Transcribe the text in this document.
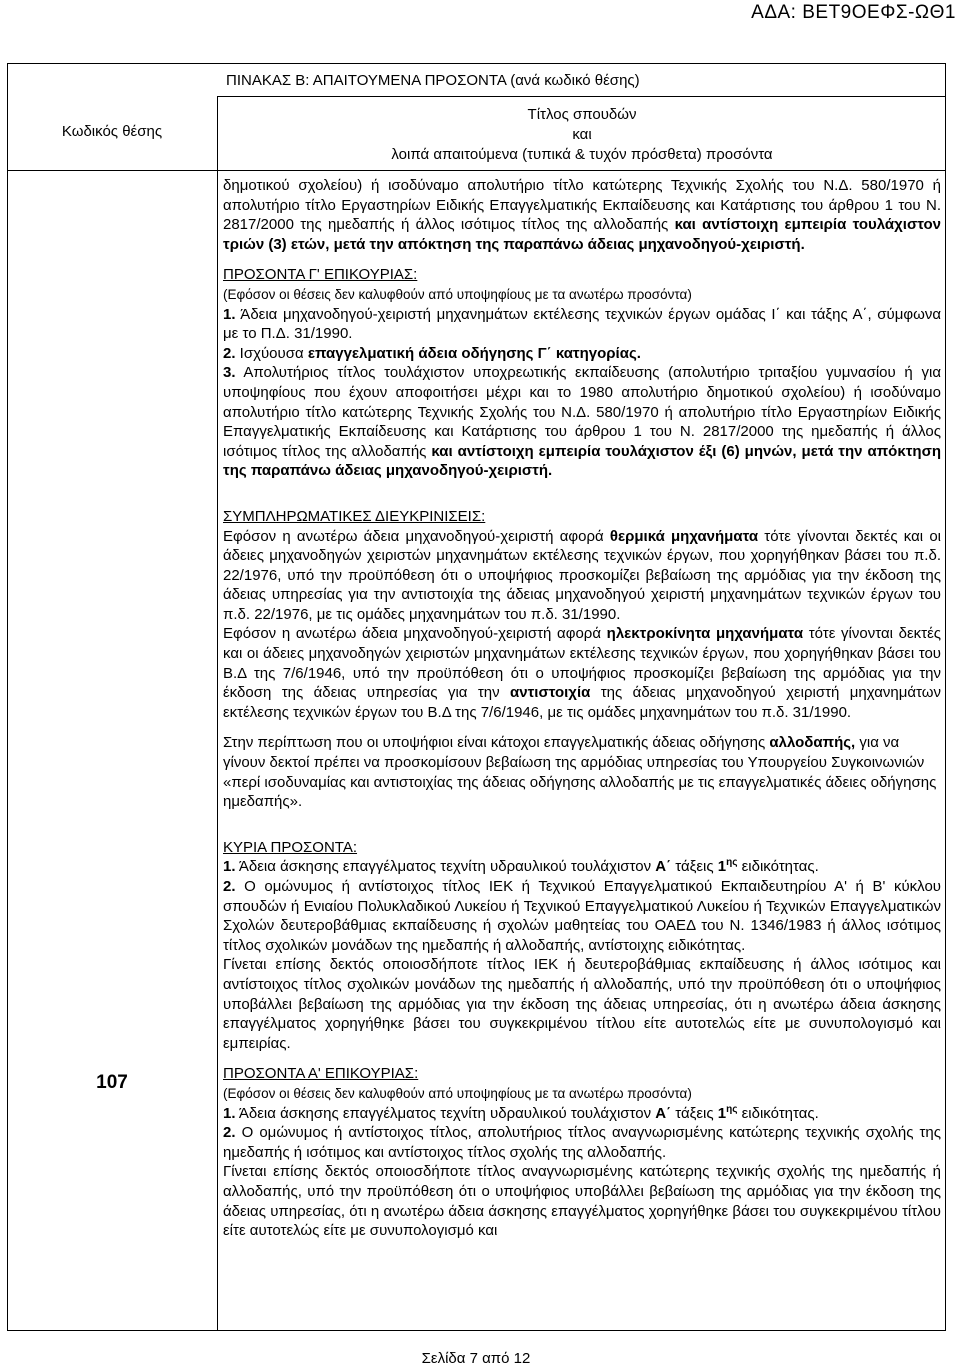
ΑΔΑ: ΒΕΤ9ΟΕΦΣ-ΩΘ1
ΠΙΝΑΚΑΣ Β: ΑΠΑΙΤΟΥΜΕΝΑ ΠΡΟΣΟΝΤΑ (ανά κωδικό θέσης)
Κωδικός θέσης
Τίτλος σπουδών
και
λοιπά απαιτούμενα (τυπικά & τυχόν πρόσθετα) προσόντα
107

δημοτικού σχολείου) ή ισοδύναμο απολυτήριο τίτλο κατώτερης Τεχνικής Σχολής του Ν.Δ. 580/1970 ή απολυτήριο τίτλο Εργαστηρίων Ειδικής Επαγγελματικής Εκπαίδευσης και Κατάρτισης του άρθρου 1 του Ν. 2817/2000 της ημεδαπής ή άλλος ισότιμος τίτλος της αλλοδαπής και αντίστοιχη εμπειρία τουλάχιστον τριών (3) ετών, μετά την απόκτηση της παραπάνω άδειας μηχανοδηγού-χειριστή.

ΠΡΟΣΟΝΤΑ Γ' ΕΠΙΚΟΥΡΙΑΣ:

(Εφόσον οι θέσεις δεν καλυφθούν από υποψηφίους με τα ανωτέρω προσόντα)

1. Άδεια μηχανοδηγού-χειριστή μηχανημάτων εκτέλεσης τεχνικών έργων ομάδας Ι΄ και τάξης Α΄, σύμφωνα με το Π.Δ. 31/1990.

2. Ισχύουσα επαγγελματική άδεια οδήγησης Γ΄ κατηγορίας.

3. Απολυτήριος τίτλος τουλάχιστον υποχρεωτικής εκπαίδευσης (απολυτήριο τριταξίου γυμνασίου ή για υποψηφίους που έχουν αποφοιτήσει μέχρι και το 1980 απολυτήριο δημοτικού σχολείου) ή ισοδύναμο απολυτήριο τίτλο κατώτερης Τεχνικής Σχολής του Ν.Δ. 580/1970 ή απολυτήριο τίτλο Εργαστηρίων Ειδικής Επαγγελματικής Εκπαίδευσης και Κατάρτισης του άρθρου 1 του Ν. 2817/2000 της ημεδαπής ή άλλος ισότιμος τίτλος της αλλοδαπής και αντίστοιχη εμπειρία τουλάχιστον έξι (6) μηνών, μετά την απόκτηση της παραπάνω άδειας μηχανοδηγού-χειριστή.

ΣΥΜΠΛΗΡΩΜΑΤΙΚΕΣ ΔΙΕΥΚΡΙΝΙΣΕΙΣ:

Εφόσον η ανωτέρω άδεια μηχανοδηγού-χειριστή αφορά θερμικά μηχανήματα τότε γίνονται δεκτές και οι άδειες μηχανοδηγών χειριστών μηχανημάτων εκτέλεσης τεχνικών έργων, που χορηγήθηκαν βάσει του π.δ. 22/1976, υπό την προϋπόθεση ότι ο υποψήφιος προσκομίζει βεβαίωση της αρμόδιας για την έκδοση της άδειας υπηρεσίας για την αντιστοιχία της άδειας μηχανοδηγού χειριστή μηχανημάτων τεχνικών έργων του π.δ. 22/1976, με τις ομάδες μηχανημάτων του π.δ. 31/1990.

Εφόσον η ανωτέρω άδεια μηχανοδηγού-χειριστή αφορά ηλεκτροκίνητα μηχανήματα τότε γίνονται δεκτές και οι άδειες μηχανοδηγών χειριστών μηχανημάτων εκτέλεσης τεχνικών έργων, που χορηγήθηκαν βάσει του Β.Δ της 7/6/1946, υπό την προϋπόθεση ότι ο υποψήφιος προσκομίζει βεβαίωση της αρμόδιας για την έκδοση της άδειας υπηρεσίας για την αντιστοιχία της άδειας μηχανοδηγού χειριστή μηχανημάτων εκτέλεσης τεχνικών έργων του Β.Δ της 7/6/1946, με τις ομάδες μηχανημάτων του π.δ. 31/1990.

Στην περίπτωση που οι υποψήφιοι είναι κάτοχοι επαγγελματικής άδειας οδήγησης αλλοδαπής, για να γίνουν δεκτοί πρέπει να προσκομίσουν βεβαίωση της αρμόδιας υπηρεσίας του Υπουργείου Συγκοινωνιών «περί ισοδυναμίας και αντιστοιχίας της άδειας οδήγησης αλλοδαπής με τις επαγγελματικές άδειες οδήγησης ημεδαπής».

ΚΥΡΙΑ ΠΡΟΣΟΝΤΑ:

1. Άδεια άσκησης επαγγέλματος τεχνίτη υδραυλικού τουλάχιστον Α΄ τάξεις $1^{\eta\varsigma}$ ειδικότητας.

2. Ο ομώνυμος ή αντίστοιχος τίτλος ΙΕΚ ή Τεχνικού Επαγγελματικού Εκπαιδευτηρίου Α' ή Β' κύκλου σπουδών ή Ενιαίου Πολυκλαδικού Λυκείου ή Τεχνικού Επαγγελματικού Λυκείου ή Τεχνικών Επαγγελματικών Σχολών δευτεροβάθμιας εκπαίδευσης ή σχολών μαθητείας του ΟΑΕΔ του Ν. 1346/1983 ή άλλος ισότιμος τίτλος σχολικών μονάδων της ημεδαπής ή αλλοδαπής, αντίστοιχης ειδικότητας.

Γίνεται επίσης δεκτός οποιοσδήποτε τίτλος ΙΕΚ ή δευτεροβάθμιας εκπαίδευσης ή άλλος ισότιμος και αντίστοιχος τίτλος σχολικών μονάδων της ημεδαπής ή αλλοδαπής, υπό την προϋπόθεση ότι ο υποψήφιος υποβάλλει βεβαίωση της αρμόδιας για την έκδοση της άδειας υπηρεσίας, ότι η ανωτέρω άδεια άσκησης επαγγέλματος χορηγήθηκε βάσει του συγκεκριμένου τίτλου είτε αυτοτελώς είτε με συνυπολογισμό και εμπειρίας.

ΠΡΟΣΟΝΤΑ Α' ΕΠΙΚΟΥΡΙΑΣ:

(Εφόσον οι θέσεις δεν καλυφθούν από υποψηφίους με τα ανωτέρω προσόντα)

1. Άδεια άσκησης επαγγέλματος τεχνίτη υδραυλικού τουλάχιστον Α΄ τάξεις $1^{\eta\varsigma}$ ειδικότητας.

2. Ο ομώνυμος ή αντίστοιχος τίτλος, απολυτήριος τίτλος αναγνωρισμένης κατώτερης τεχνικής σχολής της ημεδαπής ή ισότιμος και αντίστοιχος τίτλος σχολής της αλλοδαπής.

Γίνεται επίσης δεκτός οποιοσδήποτε τίτλος αναγνωρισμένης κατώτερης τεχνικής σχολής της ημεδαπής ή αλλοδαπής, υπό την προϋπόθεση ότι ο υποψήφιος υποβάλλει βεβαίωση της αρμόδιας για την έκδοση της άδειας υπηρεσίας, ότι η ανωτέρω άδεια άσκησης επαγγέλματος χορηγήθηκε βάσει του συγκεκριμένου τίτλου είτε αυτοτελώς είτε με συνυπολογισμό και

Σελίδα 7 από 12
